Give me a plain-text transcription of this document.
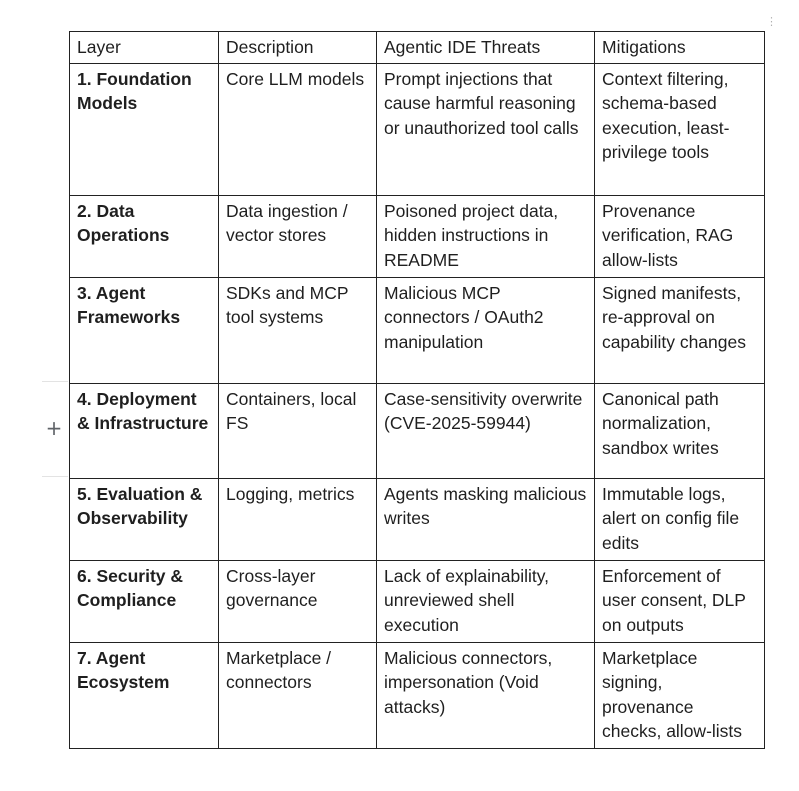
+
⋮
Layer	Description	Agentic IDE Threats	Mitigations
1. Foundation Models	Core LLM models	Prompt injections that cause harmful reasoning or unauthorized tool calls	Context filtering, schema-based execution, least-privilege tools
2. Data Operations	Data ingestion / vector stores	Poisoned project data, hidden instructions in README	Provenance verification, RAG allow-lists
3. Agent Frameworks	SDKs and MCP tool systems	Malicious MCP connectors / OAuth2 manipulation	Signed manifests, re-approval on capability changes
4. Deployment & Infrastructure	Containers, local FS	Case-sensitivity overwrite (CVE-2025-59944)	Canonical path normalization, sandbox writes
5. Evaluation & Observability	Logging, metrics	Agents masking malicious writes	Immutable logs, alert on config file edits
6. Security & Compliance	Cross-layer governance	Lack of explainability, unreviewed shell execution	Enforcement of user consent, DLP on outputs
7. Agent Ecosystem	Marketplace / connectors	Malicious connectors, impersonation (Void attacks)	Marketplace signing, provenance checks, allow-lists
